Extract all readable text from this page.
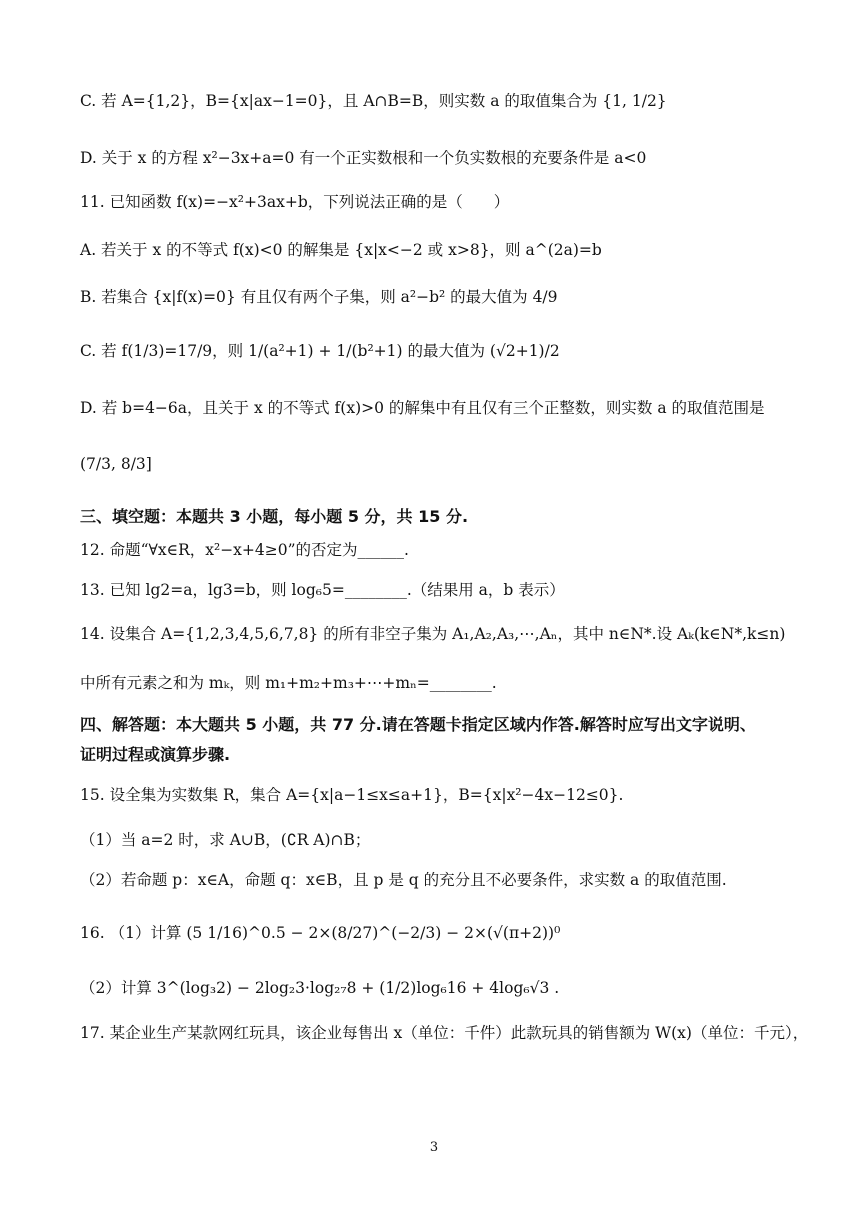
C. 若 A={1,2}，B={x|ax−1=0}，且 A∩B=B，则实数 a 的取值集合为 {1, 1/2}
D. 关于 x 的方程 x²−3x+a=0 有一个正实数根和一个负实数根的充要条件是 a<0
11. 已知函数 f(x)=−x²+3ax+b，下列说法正确的是（　　）
A. 若关于 x 的不等式 f(x)<0 的解集是 {x|x<−2 或 x>8}，则 a^(2a)=b
B. 若集合 {x|f(x)=0} 有且仅有两个子集，则 a²−b² 的最大值为 4/9
C. 若 f(1/3)=17/9，则 1/(a²+1) + 1/(b²+1) 的最大值为 (√2+1)/2
D. 若 b=4−6a，且关于 x 的不等式 f(x)>0 的解集中有且仅有三个正整数，则实数 a 的取值范围是
(7/3, 8/3]
三、填空题：本题共 3 小题，每小题 5 分，共 15 分.
12. 命题“∀x∈R，x²−x+4≥0”的否定为______.
13. 已知 lg2=a，lg3=b，则 log₆5=________.（结果用 a，b 表示）
14. 设集合 A={1,2,3,4,5,6,7,8} 的所有非空子集为 A₁,A₂,A₃,⋯,Aₙ，其中 n∈N*.设 Aₖ(k∈N*,k≤n)
中所有元素之和为 mₖ，则 m₁+m₂+m₃+⋯+mₙ=________.
四、解答题：本大题共 5 小题，共 77 分.请在答题卡指定区域内作答.解答时应写出文字说明、
证明过程或演算步骤.
15. 设全集为实数集 R，集合 A={x|a−1≤x≤a+1}，B={x|x²−4x−12≤0}.
（1）当 a=2 时，求 A∪B，(∁R A)∩B；
（2）若命题 p：x∈A，命题 q：x∈B，且 p 是 q 的充分且不必要条件，求实数 a 的取值范围.
16. （1）计算 (5 1/16)^0.5 − 2×(8/27)^(−2/3) − 2×(√(π+2))⁰
（2）计算 3^(log₃2) − 2log₂3·log₂₇8 + (1/2)log₆16 + 4log₆√3 .
17. 某企业生产某款网红玩具，该企业每售出 x（单位：千件）此款玩具的销售额为 W(x)（单位：千元），
3
